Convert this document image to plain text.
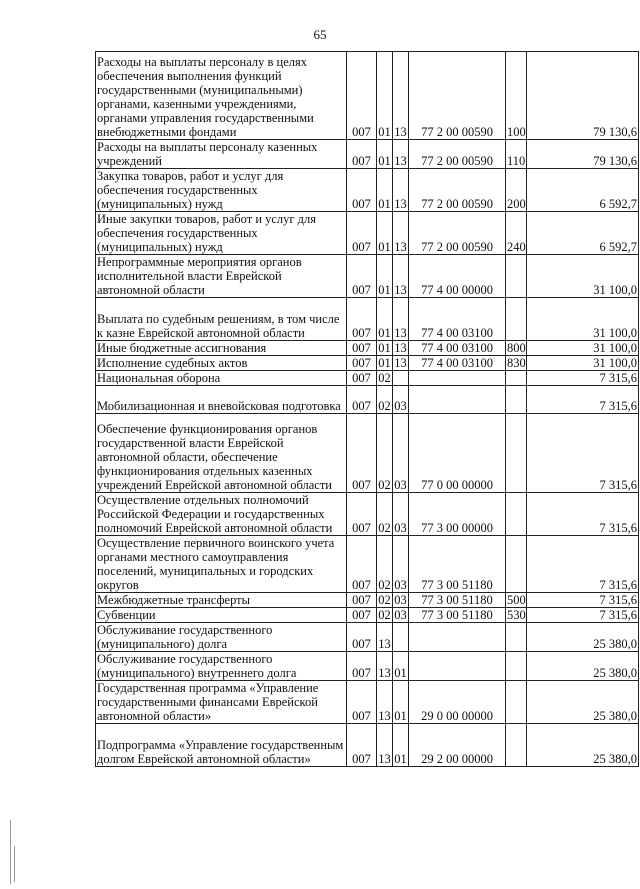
65
Расходы на выплаты персоналу в целях обеспечения выполнения функций государственными (муниципальными) органами, казенными учреждениями, органами управления государственными внебюджетными фондами	007	01	13	77 2 00 00590	100	79 130,6
Расходы на выплаты персоналу казенных учреждений	007	01	13	77 2 00 00590	110	79 130,6
Закупка товаров, работ и услуг для обеспечения государственных (муниципальных) нужд	007	01	13	77 2 00 00590	200	6 592,7
Иные закупки товаров, работ и услуг для обеспечения государственных (муниципальных) нужд	007	01	13	77 2 00 00590	240	6 592,7
Непрограммные мероприятия органов исполнительной власти Еврейской автономной области	007	01	13	77 4 00 00000		31 100,0
Выплата по судебным решениям, в том числе к казне Еврейской автономной области	007	01	13	77 4 00 03100		31 100,0
Иные бюджетные ассигнования	007	01	13	77 4 00 03100	800	31 100,0
Исполнение судебных актов	007	01	13	77 4 00 03100	830	31 100,0
Национальная оборона	007	02				7 315,6
Мобилизационная и вневойсковая подготовка	007	02	03			7 315,6
Обеспечение функционирования органов государственной власти Еврейской автономной области, обеспечение функционирования отдельных казенных учреждений Еврейской автономной области	007	02	03	77 0 00 00000		7 315,6
Осуществление отдельных полномочий Российской Федерации и государственных полномочий Еврейской автономной области	007	02	03	77 3 00 00000		7 315,6
Осуществление первичного воинского учета органами местного самоуправления поселений, муниципальных и городских округов	007	02	03	77 3 00 51180		7 315,6
Межбюджетные трансферты	007	02	03	77 3 00 51180	500	7 315,6
Субвенции	007	02	03	77 3 00 51180	530	7 315,6
Обслуживание государственного (муниципального) долга	007	13				25 380,0
Обслуживание государственного (муниципального) внутреннего долга	007	13	01			25 380,0
Государственная программа «Управление государственными финансами Еврейской автономной области»	007	13	01	29 0 00 00000		25 380,0
Подпрограмма «Управление государственным долгом Еврейской автономной области»	007	13	01	29 2 00 00000		25 380,0
